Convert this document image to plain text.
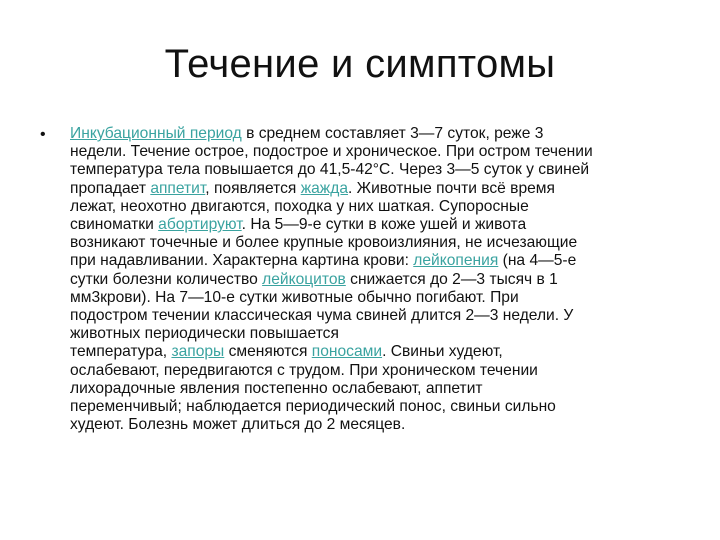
Течение и симптомы
• Инкубационный период в среднем составляет 3—7 суток, реже 3
недели. Течение острое, подострое и хроническое. При остром течении
температура тела повышается до 41,5-42°С. Через 3—5 суток у свиней
пропадает аппетит, появляется жажда. Животные почти всё время
лежат, неохотно двигаются, походка у них шаткая. Супоросные
свиноматки абортируют. На 5—9-е сутки в коже ушей и живота
возникают точечные и более крупные кровоизлияния, не исчезающие
при надавливании. Характерна картина крови: лейкопения (на 4—5-е
сутки болезни количество лейкоцитов снижается до 2—3 тысяч в 1
мм3крови). На 7—10-е сутки животные обычно погибают. При
подостром течении классическая чума свиней длится 2—3 недели. У
животных периодически повышается
температура, запоры сменяются поносами. Свиньи худеют,
ослабевают, передвигаются с трудом. При хроническом течении
лихорадочные явления постепенно ослабевают, аппетит
переменчивый; наблюдается периодический понос, свиньи сильно
худеют. Болезнь может длиться до 2 месяцев.
